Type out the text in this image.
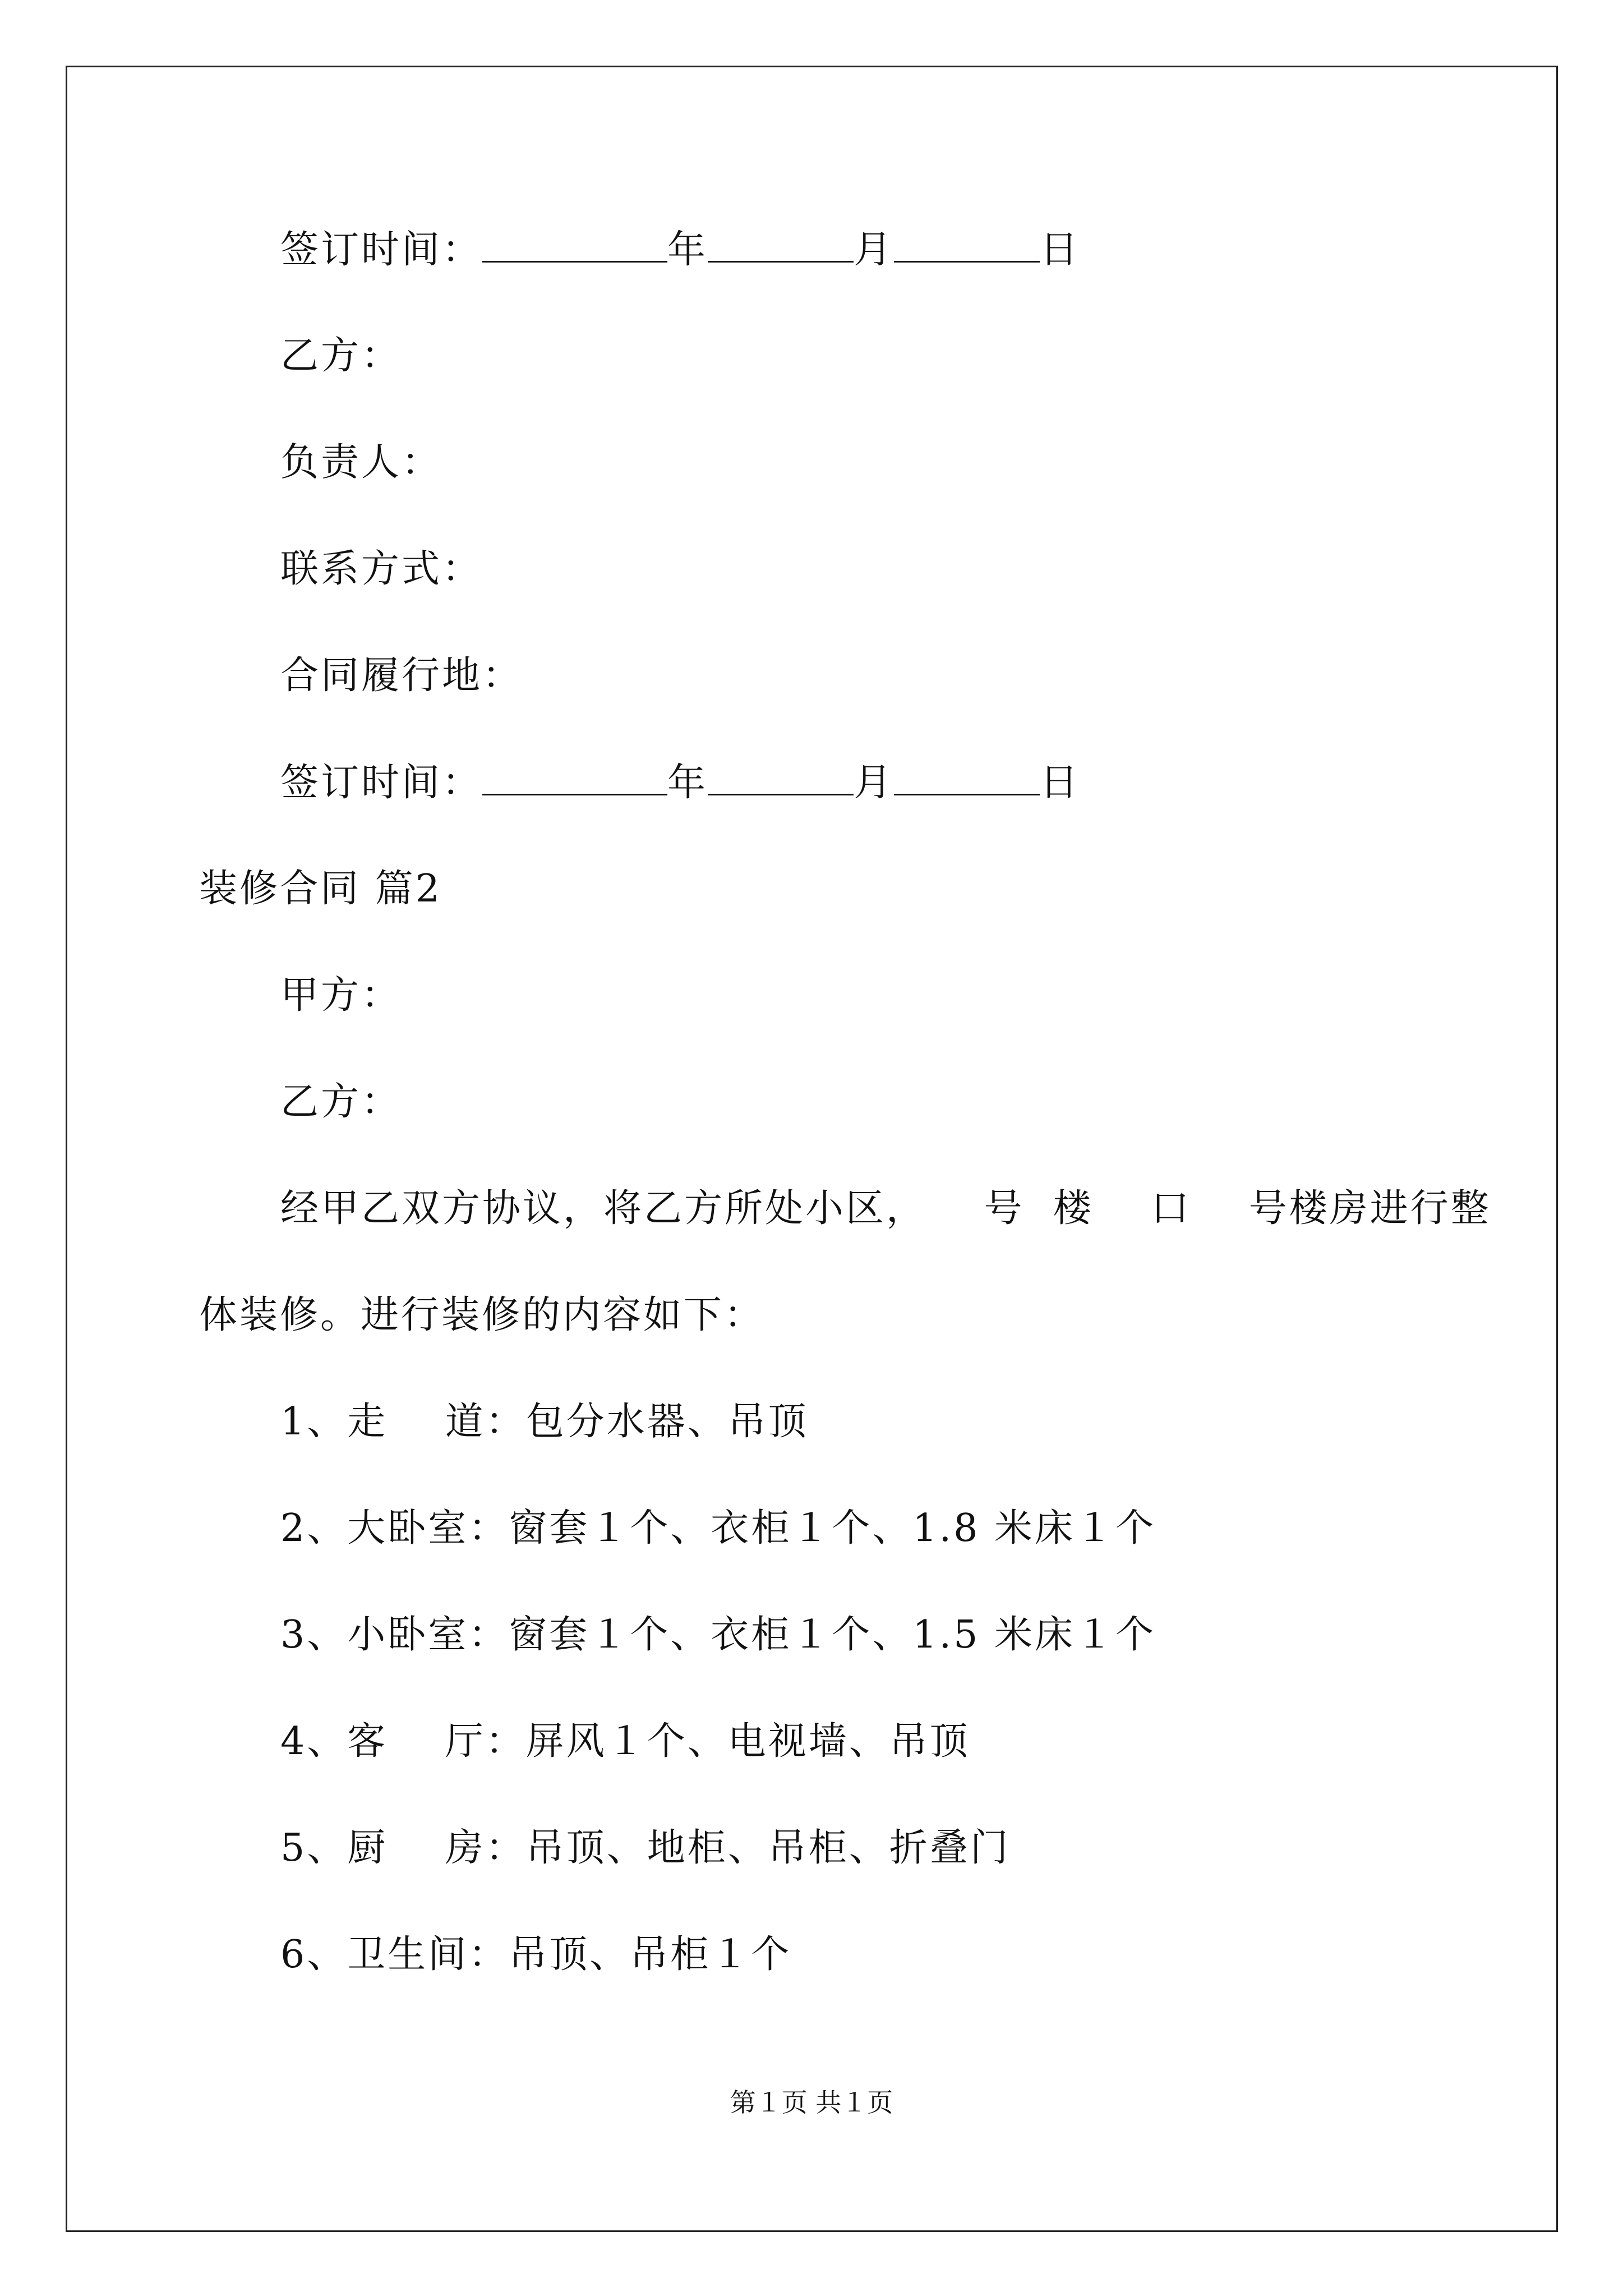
签订时间：	年	月	日
乙方：
负责人：
联系方式：
合同履行地：
签订时间：	年	月	日
装修合同 篇2
甲方：
乙方：
经甲乙双方协议，将乙方所处小区，    号  楼    口    号楼房进行整
体装修。进行装修的内容如下：
1、走    道：包分水器、吊顶
2、大卧室：窗套１个、衣柜１个、1.8 米床１个
3、小卧室：窗套１个、衣柜１个、1.5 米床１个
4、客    厅：屏风１个、电视墙、吊顶
5、厨    房：吊顶、地柜、吊柜、折叠门
6、卫生间：吊顶、吊柜１个
第１页 共１页
